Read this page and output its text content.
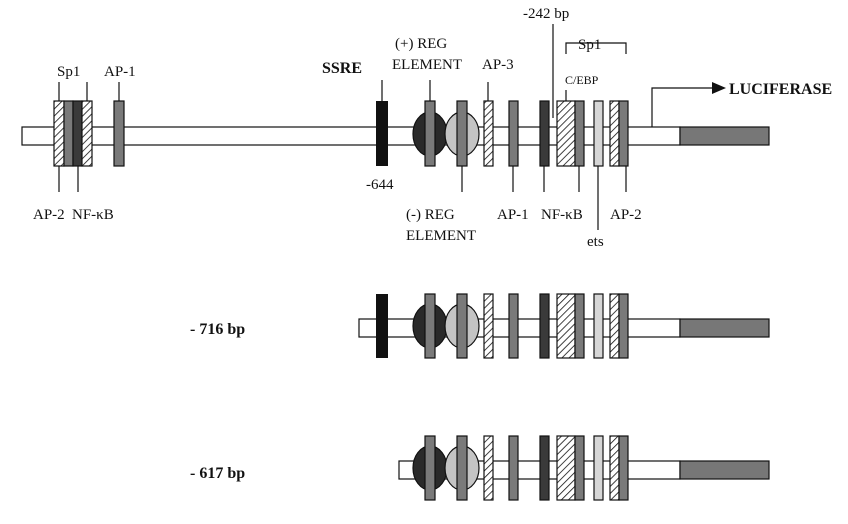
Sp1 AP-1
AP-2 NF-κB
SSRE
-644
(+) REG
ELEMENT
(-) REG
ELEMENT
AP-3
AP-1 NF-κB
-242 bp
Sp1
C/EBP
ets
AP-2
LUCIFERASE
- 716 bp
- 617 bp
